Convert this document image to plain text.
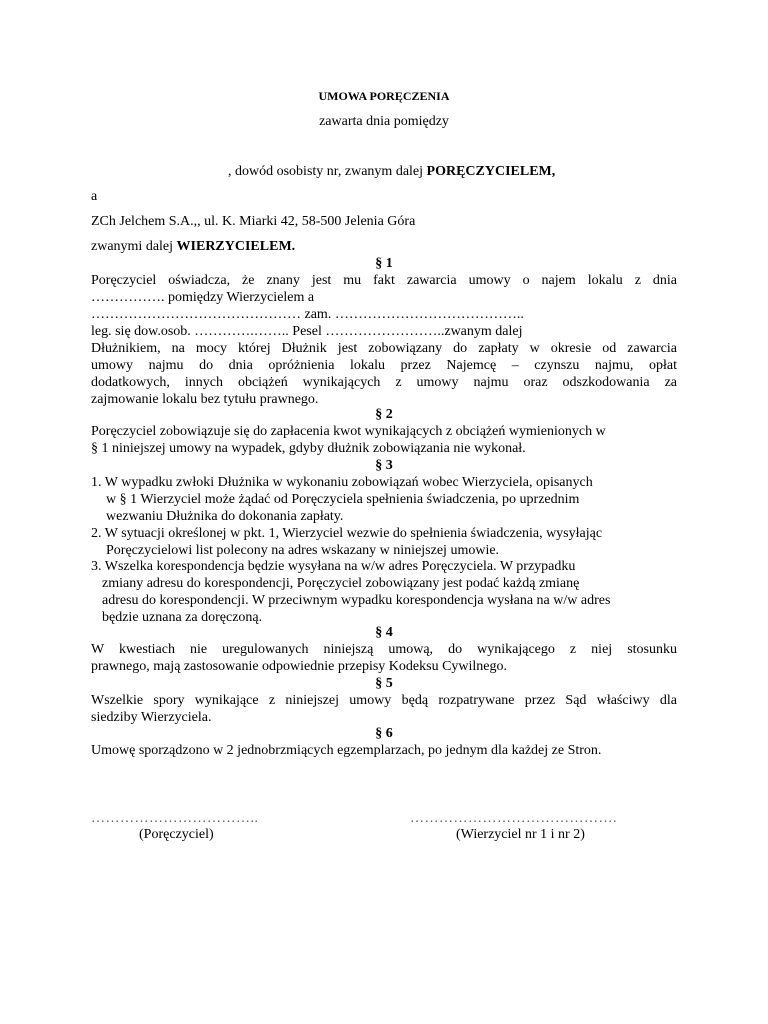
UMOWA PORĘCZENIA
zawarta dnia pomiędzy
, dowód osobisty nr, zwanym dalej PORĘCZYCIELEM,
a
ZCh Jelchem S.A.,, ul. K. Miarki 42, 58-500 Jelenia Góra
zwanymi dalej WIERZYCIELEM.
§ 1
Poręczyciel oświadcza, że znany jest mu fakt zawarcia umowy o najem lokalu z dnia
……………. pomiędzy Wierzycielem a
……………………………………… zam. …………………………………..
leg. się dow.osob. ………….…….. Pesel ……………………..zwanym dalej
Dłużnikiem, na mocy której Dłużnik jest zobowiązany do zapłaty w okresie od zawarcia
umowy najmu do dnia opróżnienia lokalu przez Najemcę – czynszu najmu, opłat
dodatkowych, innych obciążeń wynikających z umowy najmu oraz odszkodowania za
zajmowanie lokalu bez tytułu prawnego.
§ 2
Poręczyciel zobowiązuje się do zapłacenia kwot wynikających z obciążeń wymienionych w
§ 1 niniejszej umowy na wypadek, gdyby dłużnik zobowiązania nie wykonał.
§ 3
1. W wypadku zwłoki Dłużnika w wykonaniu zobowiązań wobec Wierzyciela, opisanych
w § 1 Wierzyciel może żądać od Poręczyciela spełnienia świadczenia, po uprzednim
wezwaniu Dłużnika do dokonania zapłaty.
2. W sytuacji określonej w pkt. 1, Wierzyciel wezwie do spełnienia świadczenia, wysyłając
Poręczycielowi list polecony na adres wskazany w niniejszej umowie.
3. Wszelka korespondencja będzie wysyłana na w/w adres Poręczyciela. W przypadku
zmiany adresu do korespondencji, Poręczyciel zobowiązany jest podać każdą zmianę
adresu do korespondencji. W przeciwnym wypadku korespondencja wysłana na w/w adres
będzie uznana za doręczoną.
§ 4
W kwestiach nie uregulowanych niniejszą umową, do wynikającego z niej stosunku
prawnego, mają zastosowanie odpowiednie przepisy Kodeksu Cywilnego.
§ 5
Wszelkie spory wynikające z niniejszej umowy będą rozpatrywane przez Sąd właściwy dla
siedziby Wierzyciela.
§ 6
Umowę sporządzono w 2 jednobrzmiących egzemplarzach, po jednym dla każdej ze Stron.
……………………………..
(Poręczyciel)
…………………………………….
(Wierzyciel nr 1 i nr 2)
